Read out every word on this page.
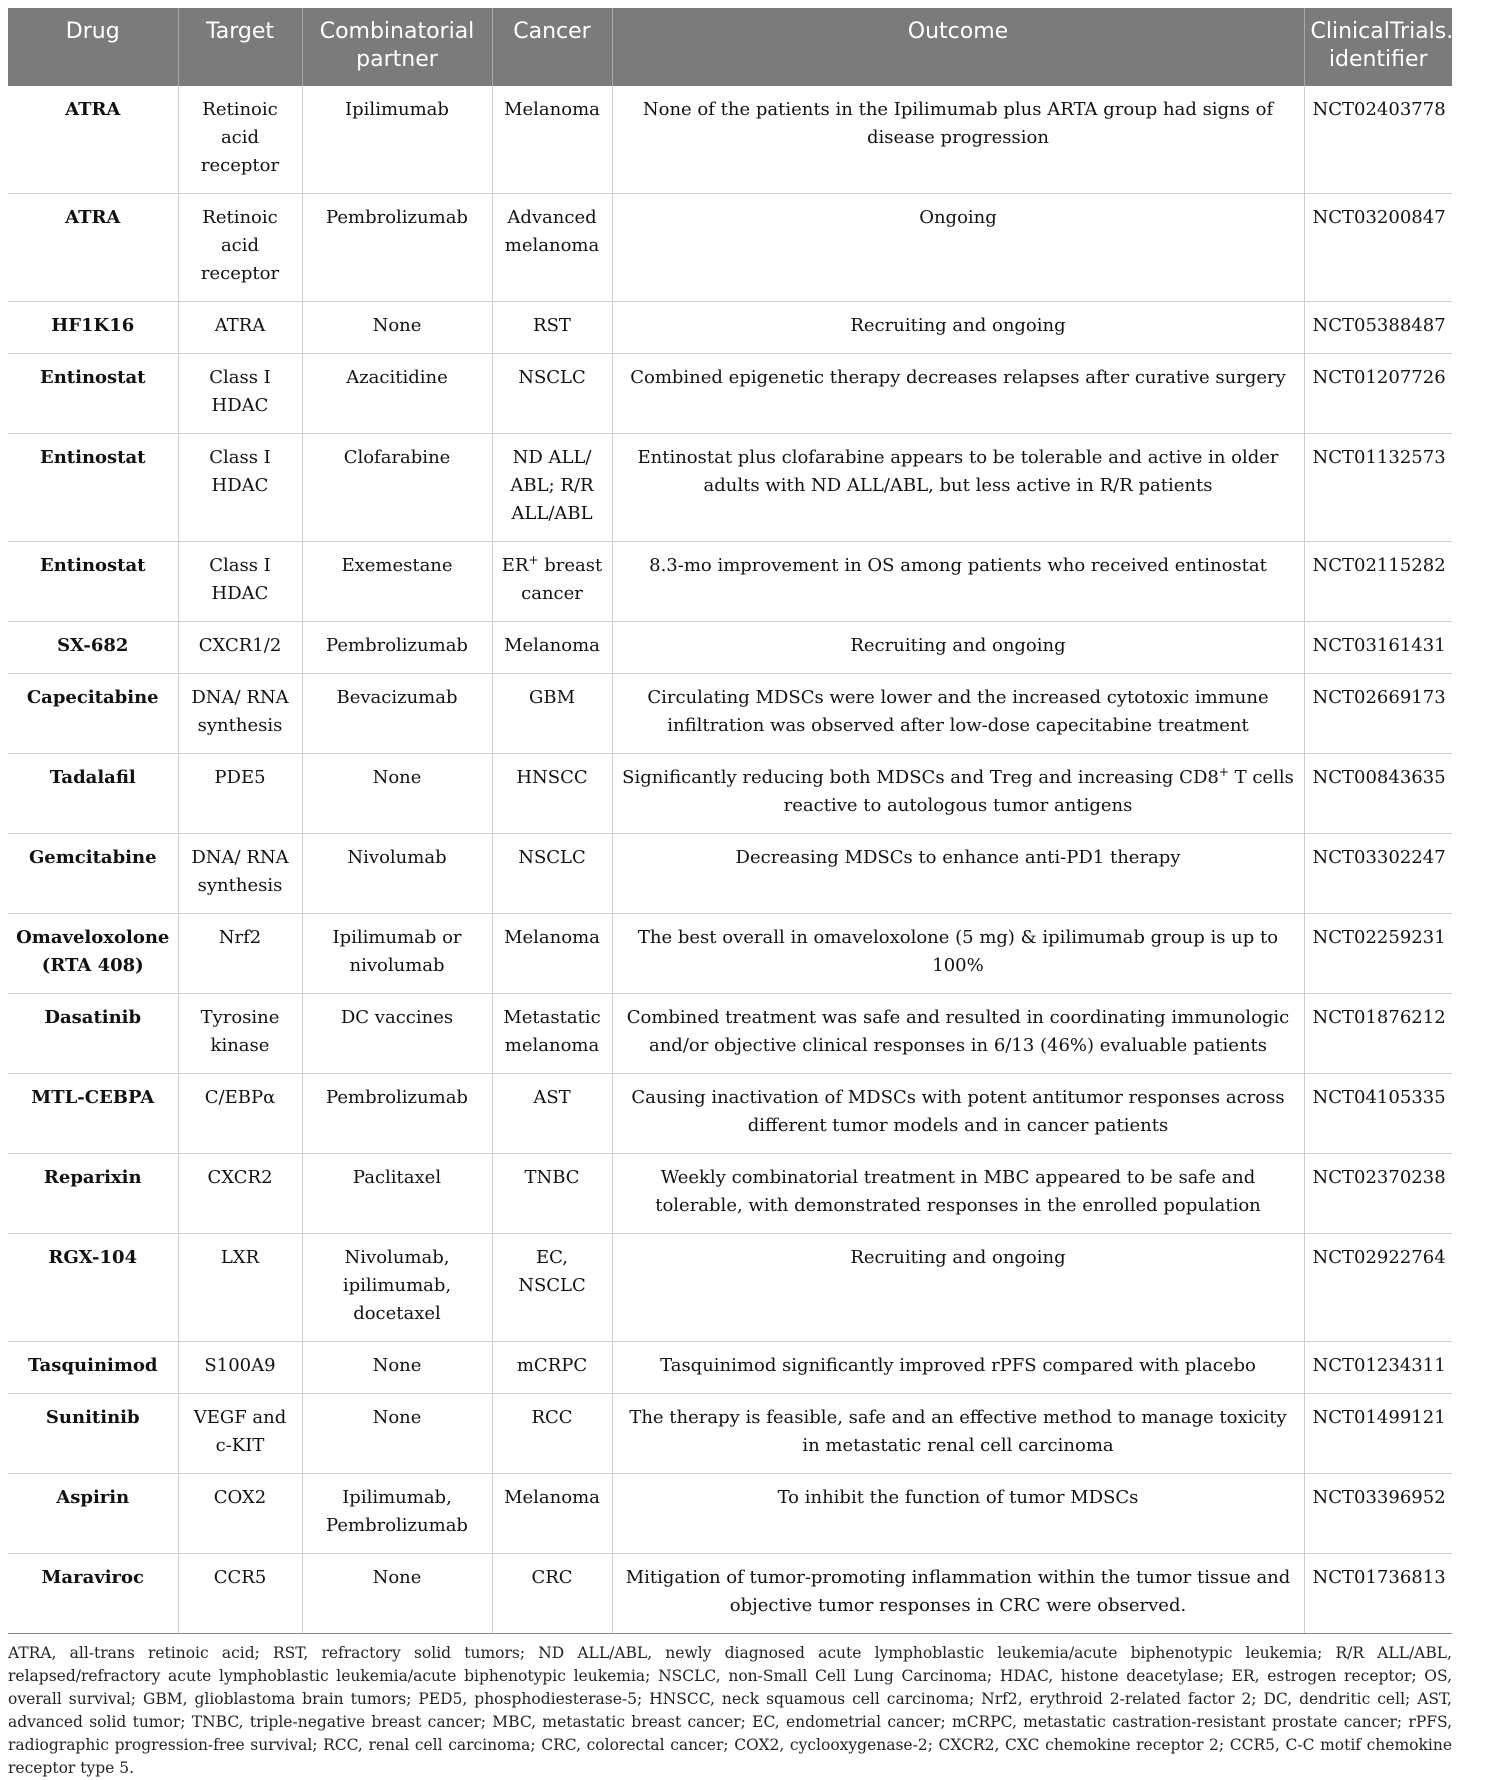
Drug	Target	Combinatorial partner	Cancer	Outcome	ClinicalTrials.gov identifier
ATRA	Retinoic acid receptor	Ipilimumab	Melanoma	None of the patients in the Ipilimumab plus ARTA group had signs of disease progression	NCT02403778
ATRA	Retinoic acid receptor	Pembrolizumab	Advanced melanoma	Ongoing	NCT03200847
HF1K16	ATRA	None	RST	Recruiting and ongoing	NCT05388487
Entinostat	Class I HDAC	Azacitidine	NSCLC	Combined epigenetic therapy decreases relapses after curative surgery	NCT01207726
Entinostat	Class I HDAC	Clofarabine	ND ALL/ ABL; R/R ALL/ABL	Entinostat plus clofarabine appears to be tolerable and active in older adults with ND ALL/ABL, but less active in R/R patients	NCT01132573
Entinostat	Class I HDAC	Exemestane	ER+ breast cancer	8.3-mo improvement in OS among patients who received entinostat	NCT02115282
SX-682	CXCR1/2	Pembrolizumab	Melanoma	Recruiting and ongoing	NCT03161431
Capecitabine	DNA/ RNA synthesis	Bevacizumab	GBM	Circulating MDSCs were lower and the increased cytotoxic immune infiltration was observed after low-dose capecitabine treatment	NCT02669173
Tadalafil	PDE5	None	HNSCC	Significantly reducing both MDSCs and Treg and increasing CD8+ T cells reactive to autologous tumor antigens	NCT00843635
Gemcitabine	DNA/ RNA synthesis	Nivolumab	NSCLC	Decreasing MDSCs to enhance anti-PD1 therapy	NCT03302247
Omaveloxolone (RTA 408)	Nrf2	Ipilimumab or nivolumab	Melanoma	The best overall in omaveloxolone (5 mg) & ipilimumab group is up to 100%	NCT02259231
Dasatinib	Tyrosine kinase	DC vaccines	Metastatic melanoma	Combined treatment was safe and resulted in coordinating immunologic and/or objective clinical responses in 6/13 (46%) evaluable patients	NCT01876212
MTL-CEBPA	C/EBPα	Pembrolizumab	AST	Causing inactivation of MDSCs with potent antitumor responses across different tumor models and in cancer patients	NCT04105335
Reparixin	CXCR2	Paclitaxel	TNBC	Weekly combinatorial treatment in MBC appeared to be safe and tolerable, with demonstrated responses in the enrolled population	NCT02370238
RGX-104	LXR	Nivolumab, ipilimumab, docetaxel	EC, NSCLC	Recruiting and ongoing	NCT02922764
Tasquinimod	S100A9	None	mCRPC	Tasquinimod significantly improved rPFS compared with placebo	NCT01234311
Sunitinib	VEGF and c-KIT	None	RCC	The therapy is feasible, safe and an effective method to manage toxicity in metastatic renal cell carcinoma	NCT01499121
Aspirin	COX2	Ipilimumab, Pembrolizumab	Melanoma	To inhibit the function of tumor MDSCs	NCT03396952
Maraviroc	CCR5	None	CRC	Mitigation of tumor-promoting inflammation within the tumor tissue and objective tumor responses in CRC were observed.	NCT01736813
ATRA, all-trans retinoic acid; RST, refractory solid tumors; ND ALL/ABL, newly diagnosed acute lymphoblastic leukemia/acute biphenotypic leukemia; R/R ALL/ABL, relapsed/refractory acute lymphoblastic leukemia/acute biphenotypic leukemia; NSCLC, non-Small Cell Lung Carcinoma; HDAC, histone deacetylase; ER, estrogen receptor; OS, overall survival; GBM, glioblastoma brain tumors; PED5, phosphodiesterase-5; HNSCC, neck squamous cell carcinoma; Nrf2, erythroid 2-related factor 2; DC, dendritic cell; AST, advanced solid tumor; TNBC, triple-negative breast cancer; MBC, metastatic breast cancer; EC, endometrial cancer; mCRPC, metastatic castration-resistant prostate cancer; rPFS, radiographic progression-free survival; RCC, renal cell carcinoma; CRC, colorectal cancer; COX2, cyclooxygenase-2; CXCR2, CXC chemokine receptor 2; CCR5, C-C motif chemokine receptor type 5.
